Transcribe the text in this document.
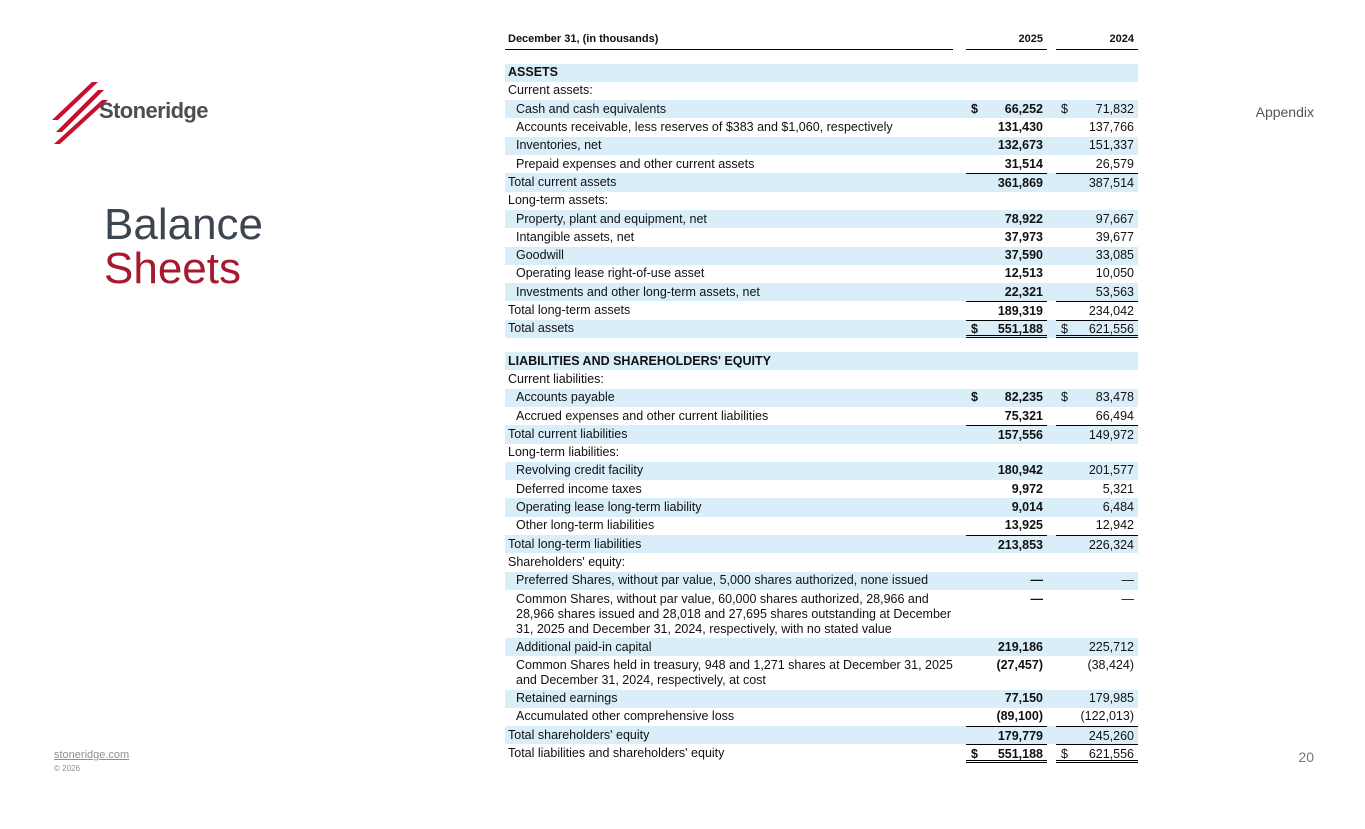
Stoneridge
Balance
Sheets
Appendix
December 31, (in thousands)	2025	2024
ASSETS
Current assets:
Cash and cash equivalents	$ 66,252 $ 71,832
Accounts receivable, less reserves of $383 and $1,060, respectively	131,430	137,766
Inventories, net	132,673	151,337
Prepaid expenses and other current assets	31,514	26,579
Total current assets	361,869	387,514
Long-term assets:
Property, plant and equipment, net	78,922	97,667
Intangible assets, net	37,973	39,677
Goodwill	37,590	33,085
Operating lease right-of-use asset	12,513	10,050
Investments and other long-term assets, net	22,321	53,563
Total long-term assets	189,319	234,042
Total assets	$ 551,188 $ 621,556
LIABILITIES AND SHAREHOLDERS' EQUITY
Current liabilities:
Accounts payable	$ 82,235 $ 83,478
Accrued expenses and other current liabilities	75,321	66,494
Total current liabilities	157,556	149,972
Long-term liabilities:
Revolving credit facility	180,942	201,577
Deferred income taxes	9,972	5,321
Operating lease long-term liability	9,014	6,484
Other long-term liabilities	13,925	12,942
Total long-term liabilities	213,853	226,324
Shareholders' equity:
Preferred Shares, without par value, 5,000 shares authorized, none issued	—	—
Common Shares, without par value, 60,000 shares authorized, 28,966 and 28,966 shares issued and 28,018 and 27,695 shares outstanding at December 31, 2025 and December 31, 2024, respectively, with no stated value
—	—
Additional paid-in capital	219,186	225,712
Common Shares held in treasury, 948 and 1,271 shares at December 31, 2025 and December 31, 2024, respectively, at cost
(27,457)	(38,424)
Retained earnings	77,150	179,985
Accumulated other comprehensive loss	(89,100)	(122,013)
Total shareholders' equity	179,779	245,260
Total liabilities and shareholders' equity	$ 551,188 $ 621,556
stoneridge.com
© 2026
20
